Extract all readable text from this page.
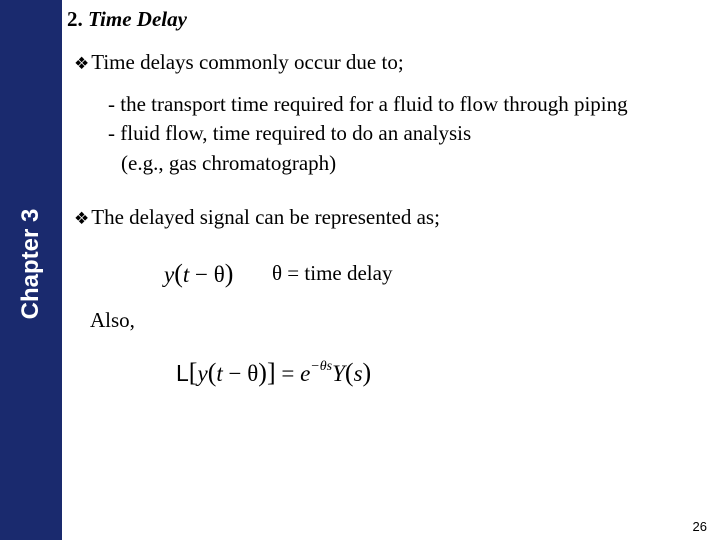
Chapter 3
2. Time Delay
❖Time delays commonly occur due to;
- the transport time required for a fluid to flow through piping
- fluid flow, time required to do an analysis
(e.g., gas chromatograph)
❖The delayed signal can be represented as;
y(t − θ) θ = time delay
Also,
$L[y(t - \theta)] = e^{-\theta s}Y(s)$
26
